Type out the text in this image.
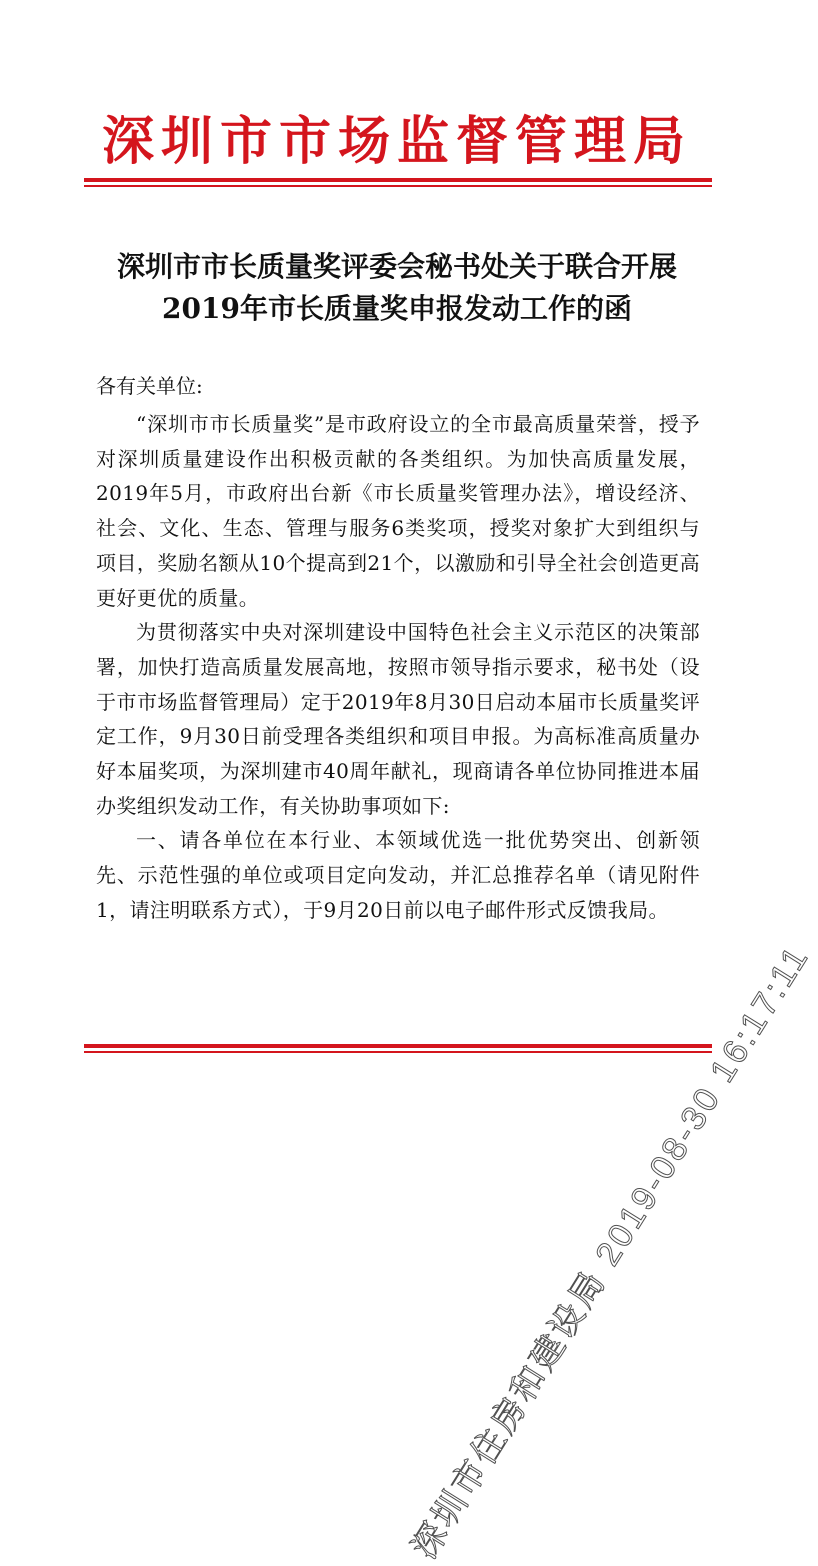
深圳市市场监督管理局
深圳市市长质量奖评委会秘书处关于联合开展
2019年市长质量奖申报发动工作的函
各有关单位:

“深圳市市长质量奖”是市政府设立的全市最高质量荣誉，授予对深圳质量建设作出积极贡献的各类组织。为加快高质量发展，2019年5月，市政府出台新《市长质量奖管理办法》，增设经济、社会、文化、生态、管理与服务6类奖项，授奖对象扩大到组织与项目，奖励名额从10个提高到21个，以激励和引导全社会创造更高更好更优的质量。

为贯彻落实中央对深圳建设中国特色社会主义示范区的决策部署，加快打造高质量发展高地，按照市领导指示要求，秘书处（设于市市场监督管理局）定于2019年8月30日启动本届市长质量奖评定工作，9月30日前受理各类组织和项目申报。为高标准高质量办好本届奖项，为深圳建市40周年献礼，现商请各单位协同推进本届办奖组织发动工作，有关协助事项如下:

一、请各单位在本行业、本领域优选一批优势突出、创新领先、示范性强的单位或项目定向发动，并汇总推荐名单（请见附件1，请注明联系方式），于9月20日前以电子邮件形式反馈我局。

深圳市住房和建设局 2019-08-30 16:17:11
